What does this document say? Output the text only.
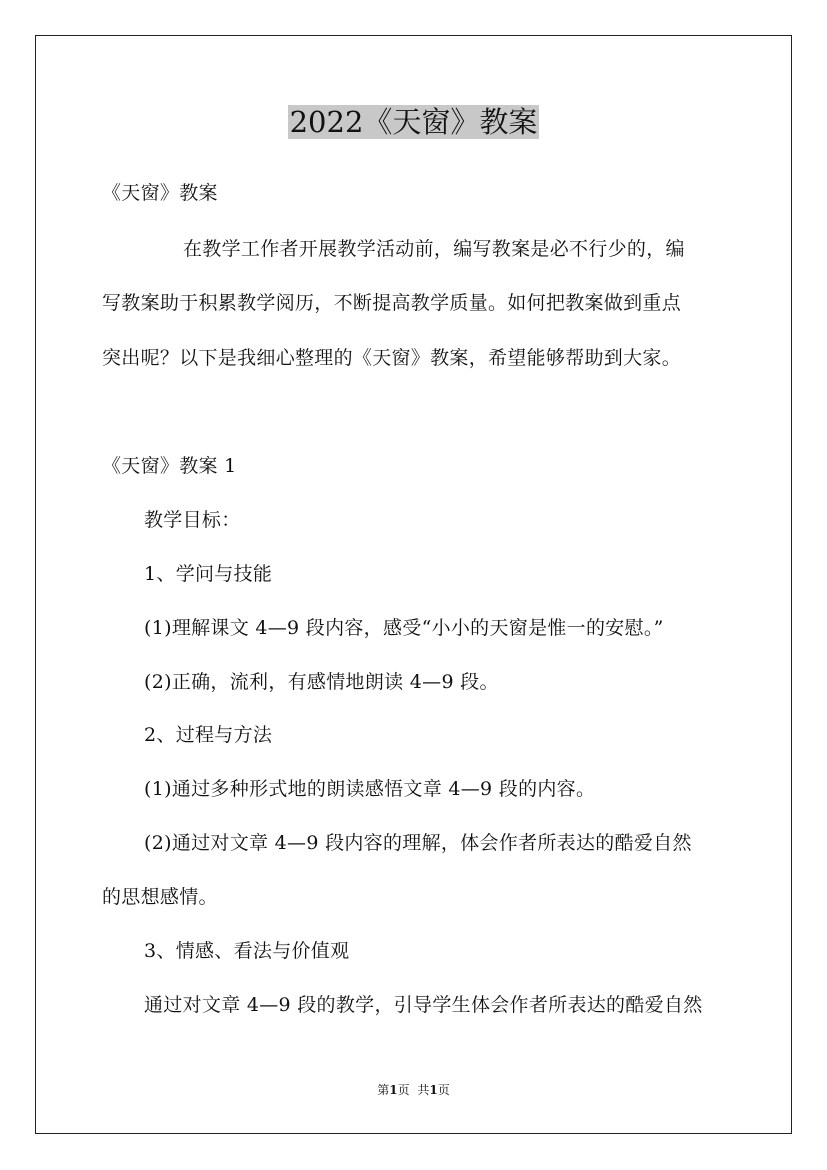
2022《天窗》教案
《天窗》教案
在教学工作者开展教学活动前，编写教案是必不行少的，编
写教案助于积累教学阅历，不断提高教学质量。如何把教案做到重点
突出呢？以下是我细心整理的《天窗》教案，希望能够帮助到大家。
《天窗》教案 1
教学目标：
1、学问与技能
(1)理解课文 4—9 段内容，感受“小小的天窗是惟一的安慰。”
(2)正确，流利，有感情地朗读 4—9 段。
2、过程与方法
(1)通过多种形式地的朗读感悟文章 4—9 段的内容。
(2)通过对文章 4—9 段内容的理解，体会作者所表达的酷爱自然
的思想感情。
3、情感、看法与价值观
通过对文章 4—9 段的教学，引导学生体会作者所表达的酷爱自然
第1页 共1页
